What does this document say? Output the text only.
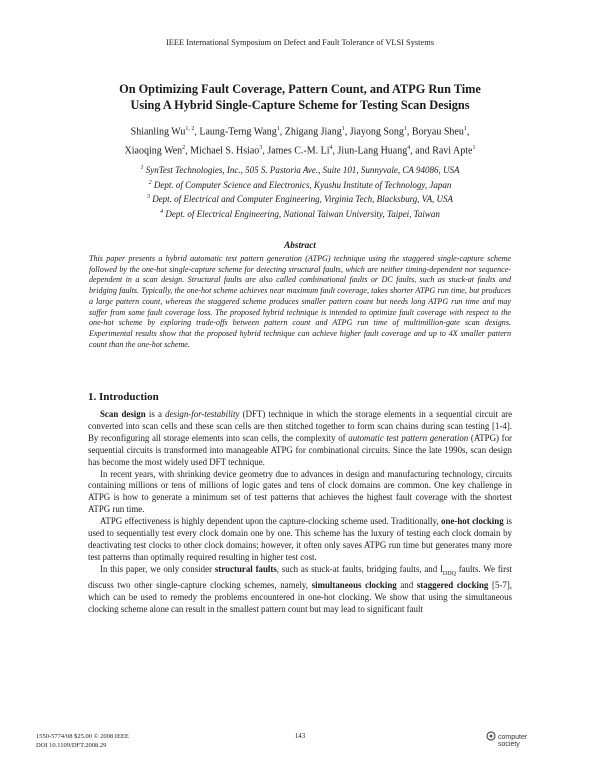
IEEE International Symposium on Defect and Fault Tolerance of VLSI Systems
On Optimizing Fault Coverage, Pattern Count, and ATPG Run Time
Using A Hybrid Single-Capture Scheme for Testing Scan Designs
Shianling Wu$^{1, 2}$, Laung-Terng Wang$^1$, Zhigang Jiang$^1$, Jiayong Song$^1$, Boryau Sheu$^1$,
Xiaoqing Wen$^2$, Michael S. Hsiao$^3$, James C.-M. Li$^4$, Jiun-Lang Huang$^4$, and Ravi Apte$^1$
$^1$ SynTest Technologies, Inc., 505 S. Pastoria Ave., Suite 101, Sunnyvale, CA 94086, USA
$^2$ Dept. of Computer Science and Electronics, Kyushu Institute of Technology, Japan
$^3$ Dept. of Electrical and Computer Engineering, Virginia Tech, Blacksburg, VA, USA
$^4$ Dept. of Electrical Engineering, National Taiwan University, Taipei, Taiwan
Abstract

This paper presents a hybrid automatic test pattern generation (ATPG) technique using the staggered single-capture scheme followed by the one-hot single-capture scheme for detecting structural faults, which are neither timing-dependent nor sequence-dependent in a scan design. Structural faults are also called combinational faults or DC faults, such as stuck-at faults and bridging faults. Typically, the one-hot scheme achieves near maximum fault coverage, takes shorter ATPG run time, but produces a large pattern count, whereas the staggered scheme produces smaller pattern count but needs long ATPG run time and may suffer from some fault coverage loss. The proposed hybrid technique is intended to optimize fault coverage with respect to the one-hot scheme by exploring trade-offs between pattern count and ATPG run time of multimillion-gate scan designs. Experimental results show that the proposed hybrid technique can achieve higher fault coverage and up to 4X smaller pattern count than the one-hot scheme.

1. Introduction

Scan design is a design-for-testability (DFT) technique in which the storage elements in a sequential circuit are converted into scan cells and these scan cells are then stitched together to form scan chains during scan testing [1-4]. By reconfiguring all storage elements into scan cells, the complexity of automatic test pattern generation (ATPG) for sequential circuits is transformed into manageable ATPG for combinational circuits. Since the late 1990s, scan design has become the most widely used DFT technique.

In recent years, with shrinking device geometry due to advances in design and manufacturing technology, circuits containing millions or tens of millions of logic gates and tens of clock domains are common. One key challenge in ATPG is how to generate a minimum set of test patterns that achieves the highest fault coverage with the shortest ATPG run time.

ATPG effectiveness is highly dependent upon the capture-clocking scheme used. Traditionally, one-hot clocking is used to sequentially test every clock domain one by one. This scheme has the luxury of testing each clock domain by deactivating test clocks to other clock domains; however, it often only saves ATPG run time but generates many more test patterns than optimally required resulting in higher test cost.

In this paper, we only consider structural faults, such as stuck-at faults, bridging faults, and $I_{DDQ}$ faults. We first discuss two other single-capture clocking schemes, namely, simultaneous clocking and staggered clocking [5-7], which can be used to remedy the problems encountered in one-hot clocking. We show that using the simultaneous clocking scheme alone can result in the smallest pattern count but may lead to significant fault

1550-5774/08 $25.00 © 2008 IEEE
DOI 10.1109/DFT.2008.29
143	computer
society
